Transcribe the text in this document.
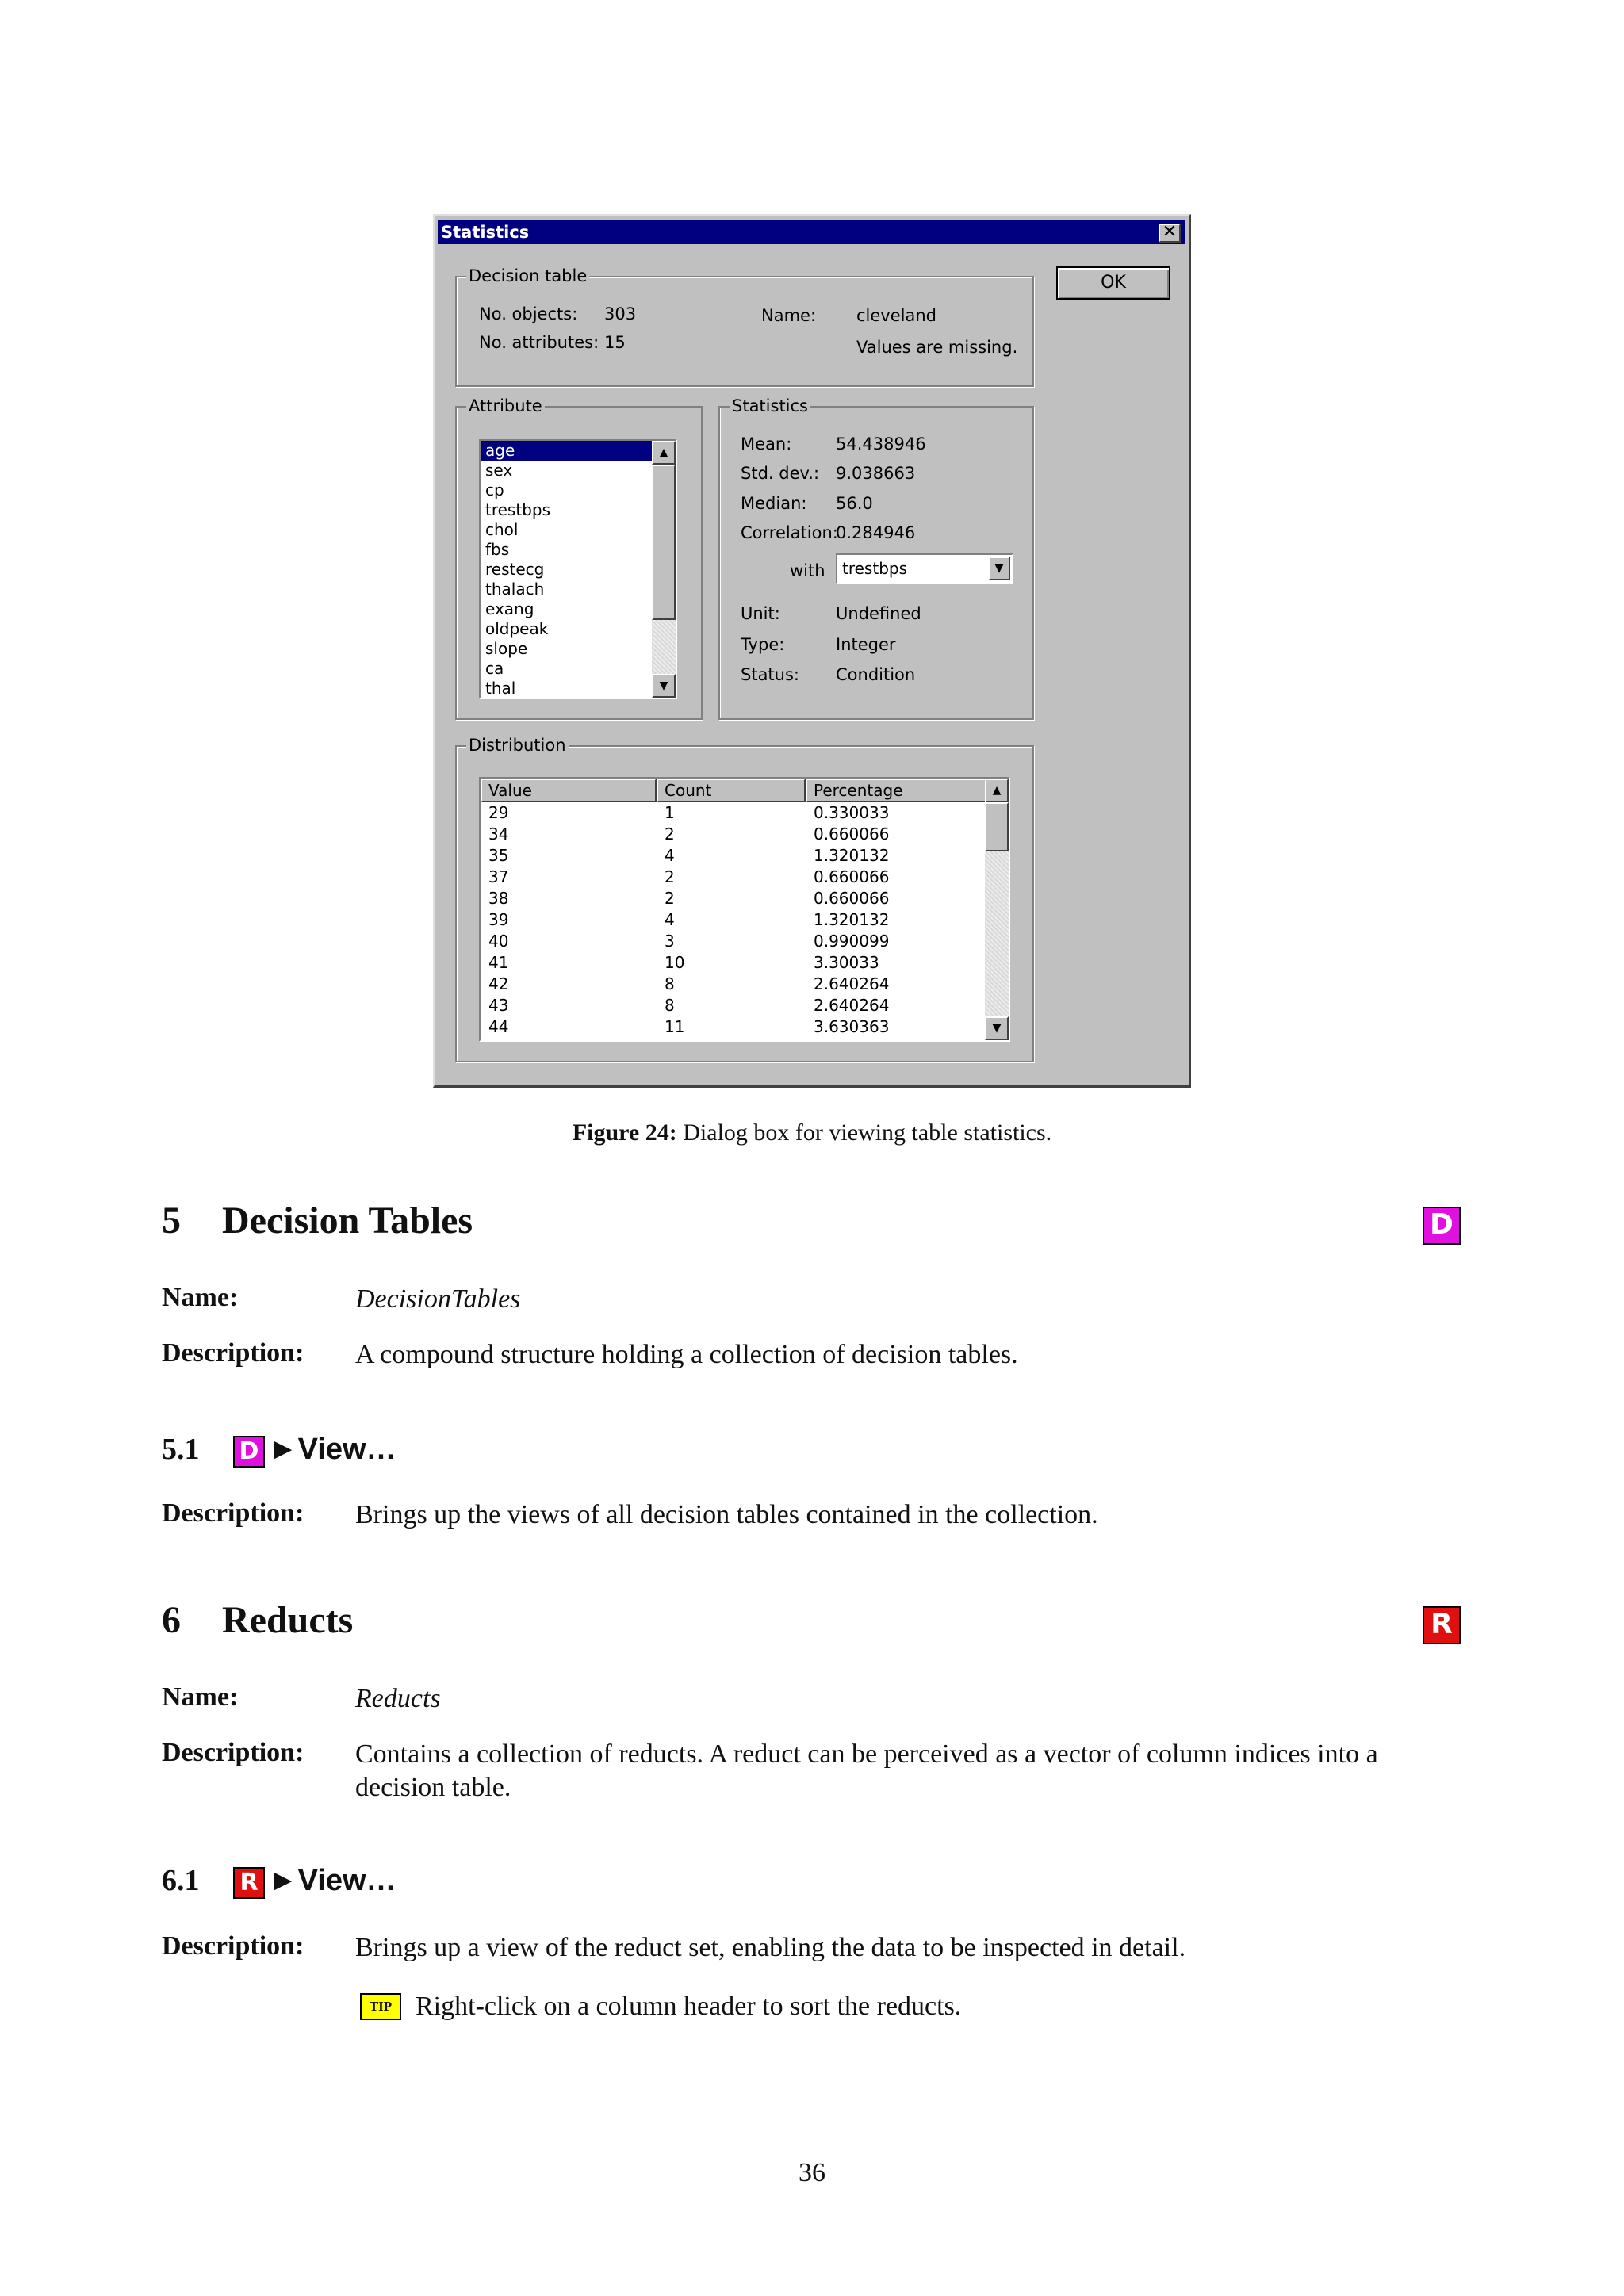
Statistics	✕
OK
Decision table
No. objects: 303
No. attributes: 15
Name: cleveland
Values are missing.
Attribute
age
sex
cp
trestbps
chol
fbs
restecg
thalach
exang
oldpeak
slope
ca
thal
▲
▼
Statistics
Mean:	54.438946
Std. dev.: 9.038663
Median: 56.0
Correlation:
0.284946
with	trestbps	▼
Unit:	Undefined
Type:	Integer
Status: Condition
Distribution
Value	Count	Percentage
29	1	0.330033
34	2	0.660066
35	4	1.320132
37	2	0.660066
38	2	0.660066
39	4	1.320132
40	3	0.990099
41	10	3.30033
42	8	2.640264
43	8	2.640264
44	11	3.630363
▲
▼
Figure 24: Dialog box for viewing table statistics.
5 Decision Tables	D
Name:	DecisionTables
Description: A compound structure holding a collection of decision tables.
5.1 D ►View…
Description: Brings up the views of all decision tables contained in the collection.
6 Reducts	R
Name:	Reducts
Description: Contains a collection of reducts. A reduct can be perceived as a vector of column indices into a decision table.
6.1 R ►View…
Description: Brings up a view of the reduct set, enabling the data to be inspected in detail.
TIP Right-click on a column header to sort the reducts.
36
